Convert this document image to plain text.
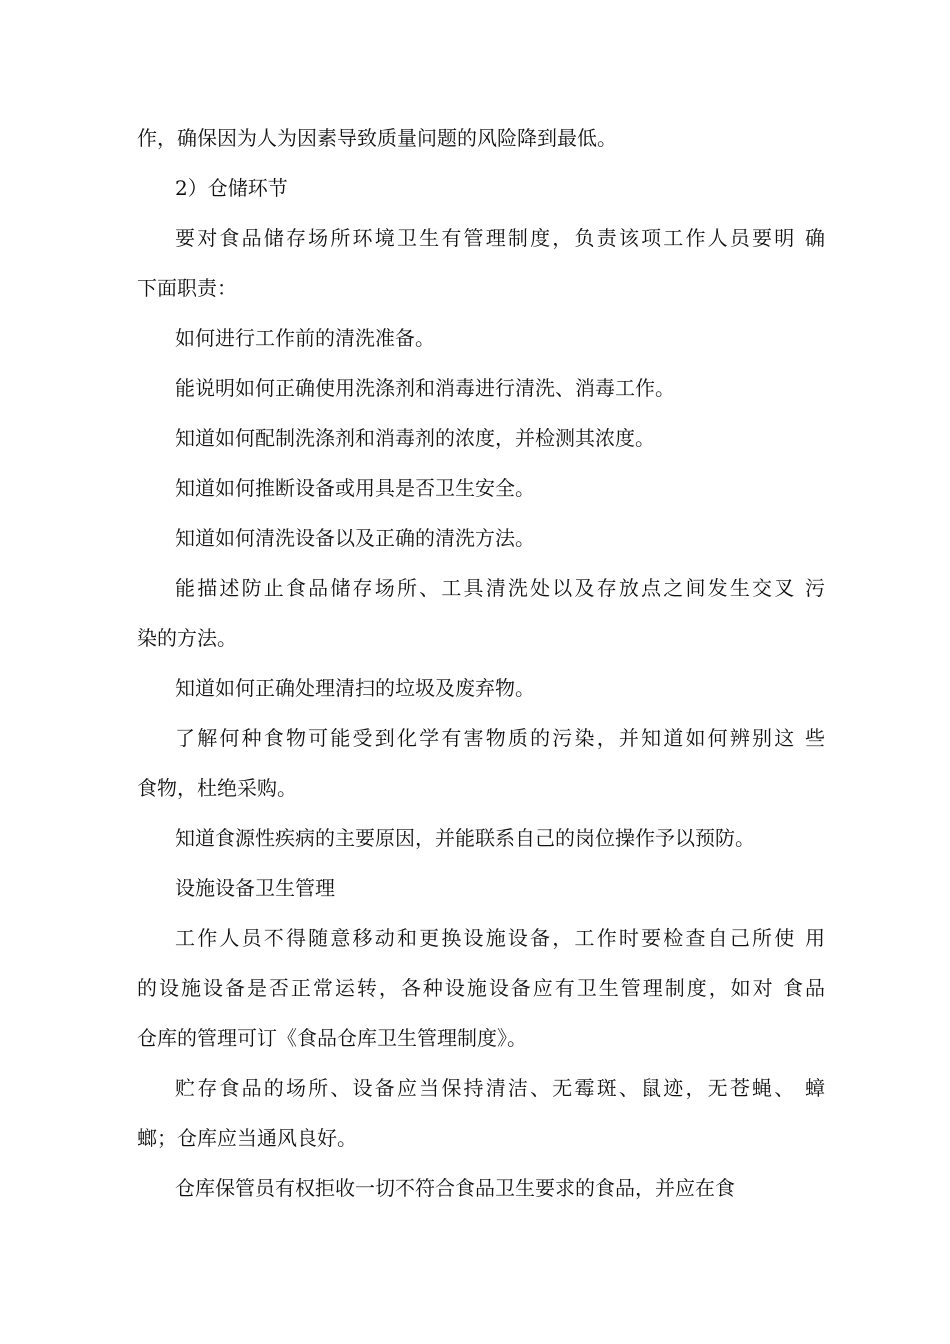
作，确保因为人为因素导致质量问题的风险降到最低。
2）仓储环节
要对食品储存场所环境卫生有管理制度，负责该项工作人员要明 确
下面职责：
如何进行工作前的清洗准备。
能说明如何正确使用洗涤剂和消毒进行清洗、消毒工作。
知道如何配制洗涤剂和消毒剂的浓度，并检测其浓度。
知道如何推断设备或用具是否卫生安全。
知道如何清洗设备以及正确的清洗方法。
能描述防止食品储存场所、工具清洗处以及存放点之间发生交叉 污
染的方法。
知道如何正确处理清扫的垃圾及废弃物。
了解何种食物可能受到化学有害物质的污染，并知道如何辨别这 些
食物，杜绝采购。
知道食源性疾病的主要原因，并能联系自己的岗位操作予以预防。
设施设备卫生管理
工作人员不得随意移动和更换设施设备，工作时要检查自己所使 用
的设施设备是否正常运转，各种设施设备应有卫生管理制度，如对 食品
仓库的管理可订《食品仓库卫生管理制度》。
贮存食品的场所、设备应当保持清洁、无霉斑、鼠迹，无苍蝇、 蟑
螂；仓库应当通风良好。
仓库保管员有权拒收一切不符合食品卫生要求的食品，并应在食
